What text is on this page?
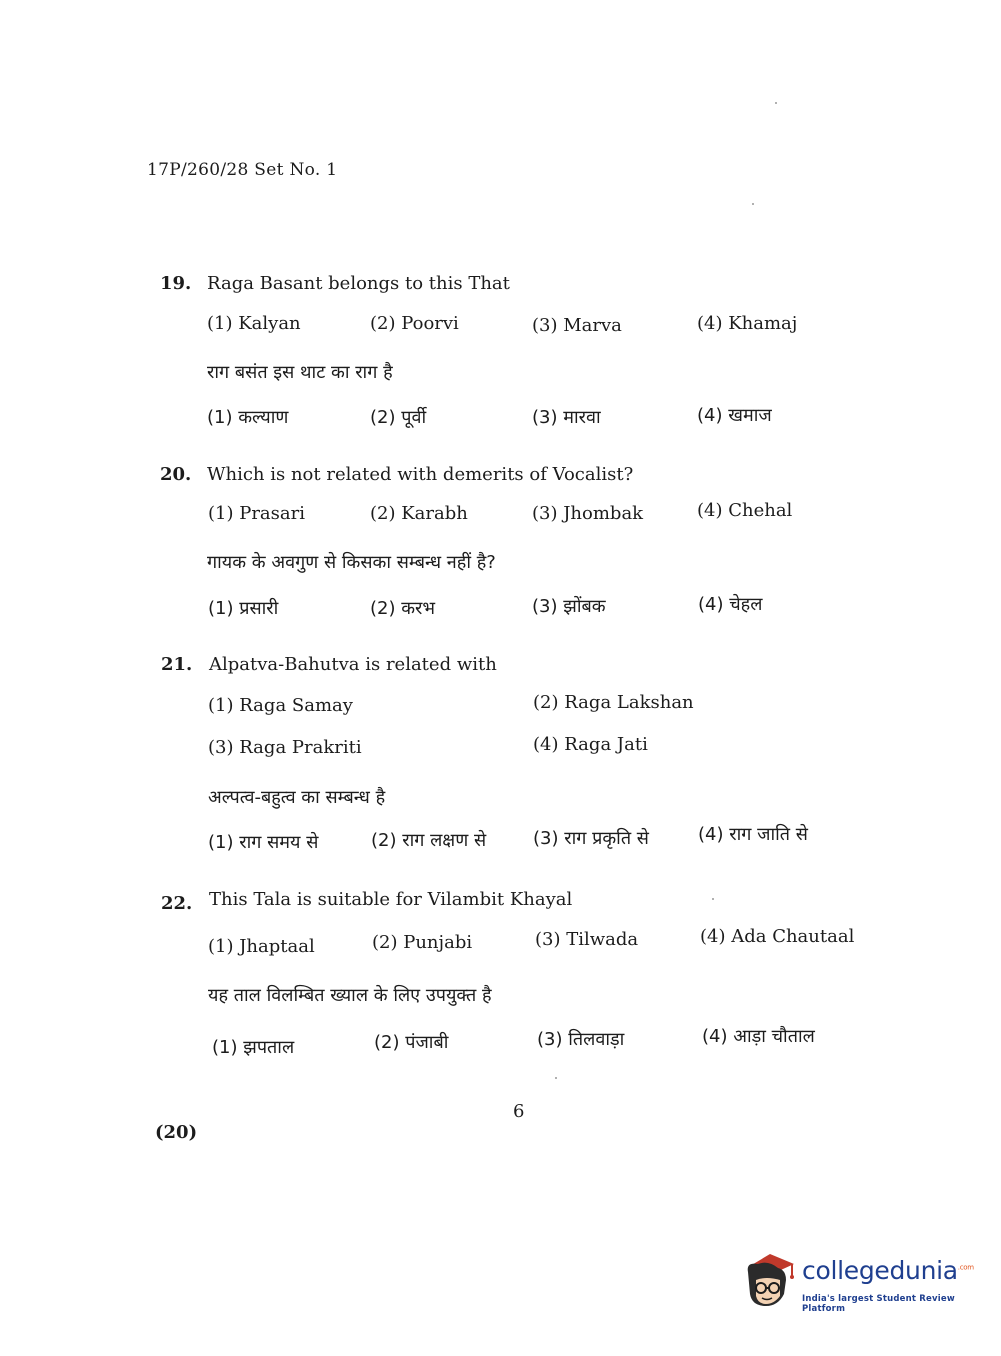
17P/260/28 Set No. 1
19. Raga Basant belongs to this That
(1) Kalyan	(2) Poorvi	(3) Marva	(4) Khamaj
राग बसंत इस थाट का राग है
(1) कल्याण	(2) पूर्वी	(3) मारवा	(4) खमाज
20. Which is not related with demerits of Vocalist?
(1) Prasari	(2) Karabh	(3) Jhombak	(4) Chehal
गायक के अवगुण से किसका सम्बन्ध नहीं है?
(1) प्रसारी	(2) करभ	(3) झोंबक	(4) चेहल
21. Alpatva-Bahutva is related with
(1) Raga Samay	(2) Raga Lakshan
(3) Raga Prakriti	(4) Raga Jati
अल्पत्व-बहुत्व का सम्बन्ध है
(1) राग समय से	(2) राग लक्षण से	(3) राग प्रकृति से	(4) राग जाति से
22. This Tala is suitable for Vilambit Khayal
(1) Jhaptaal	(2) Punjabi	(3) Tilwada	(4) Ada Chautaal
यह ताल विलम्बित ख्याल के लिए उपयुक्त है
(1) झपताल	(2) पंजाबी	(3) तिलवाड़ा	(4) आड़ा चौताल
6
(20)
collegedunia$^{.com}$
India's largest Student Review Platform
